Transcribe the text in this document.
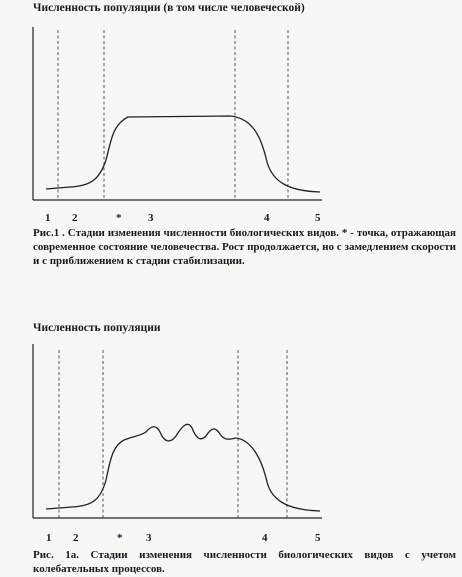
Численность популяции (в том числе человеческой)
1 2	* 3	4	5
Рис.1 . Стадии изменения численности биологических видов. * - точка, отражающая современное состояние человечества. Рост продолжается, но с замедлением скорости и с приближением к стадии стабилизации.
Численность популяции
1 2	* 3	4	5
Рис. 1а. Стадии изменения численности биологических видов с учетом колебательных процессов.
